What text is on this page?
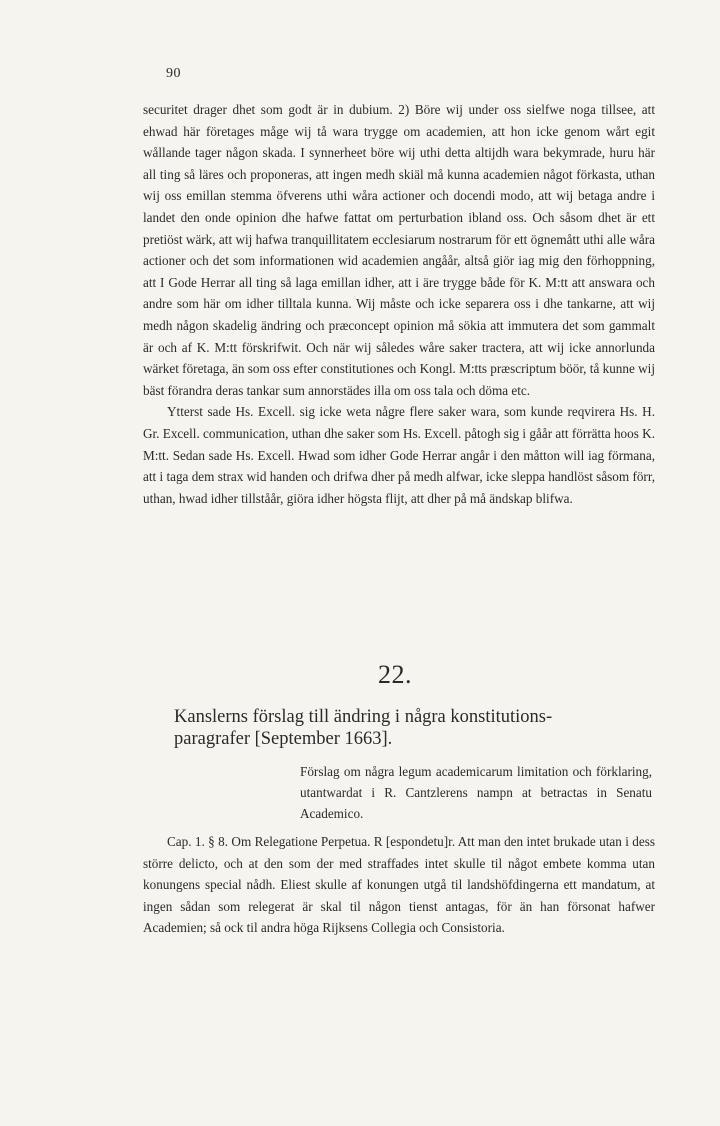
90

securitet drager dhet som godt är in dubium. 2) Böre wij under oss sielfwe noga tillsee, att ehwad här företages måge wij tå wara trygge om academien, att hon icke genom wårt egit wållande tager någon skada. I synnerheet böre wij uthi detta altijdh wara bekymrade, huru här all ting så läres och proponeras, att ingen medh skiäl må kunna academien något förkasta, uthan wij oss emillan stemma öfverens uthi wåra actioner och docendi modo, att wij betaga andre i landet den onde opinion dhe hafwe fattat om perturbation ibland oss. Och såsom dhet är ett pretiöst wärk, att wij hafwa tranquillitatem ecclesiarum nostrarum för ett ögnemått uthi alle wåra actioner och det som informationen wid academien angåår, altså giör iag mig den förhoppning, att I Gode Herrar all ting så laga emillan idher, att i äre trygge både för K. M:tt att answara och andre som här om idher tilltala kunna. Wij måste och icke separera oss i dhe tankarne, att wij medh någon skadelig ändring och præconcept opinion må sökia att immutera det som gammalt är och af K. M:tt förskrifwit. Och när wij således wåre saker tractera, att wij icke annorlunda wärket företaga, än som oss efter constitutiones och Kongl. M:tts præscriptum böör, tå kunne wij bäst förandra deras tankar sum annorstädes illa om oss tala och döma etc.

Ytterst sade Hs. Excell. sig icke weta någre flere saker wara, som kunde reqvirera Hs. H. Gr. Excell. communication, uthan dhe saker som Hs. Excell. påtogh sig i gåår att förrätta hoos K. M:tt. Sedan sade Hs. Excell. Hwad som idher Gode Herrar angår i den måtton will iag förmana, att i taga dem strax wid handen och drifwa dher på medh alfwar, icke sleppa handlöst såsom förr, uthan, hwad idher tillståår, giöra idher högsta flijt, att dher på må ändskap blifwa.

22.
Kanslerns förslag till ändring i några konstitutions-
paragrafer [September 1663].

Förslag om några legum academicarum limitation och förklaring, utantwardat i R. Cantzlerens nampn at betractas in Senatu Academico.

Cap. 1. § 8. Om Relegatione Perpetua. R [espondetu]r. Att man den intet brukade utan i dess större delicto, och at den som der med straffades intet skulle til något embete komma utan konungens special nådh. Eliest skulle af konungen utgå til landshöfdingerna ett mandatum, at ingen sådan som relegerat är skal til någon tienst antagas, för än han försonat hafwer Academien; så ock til andra höga Rijksens Collegia och Consistoria.
